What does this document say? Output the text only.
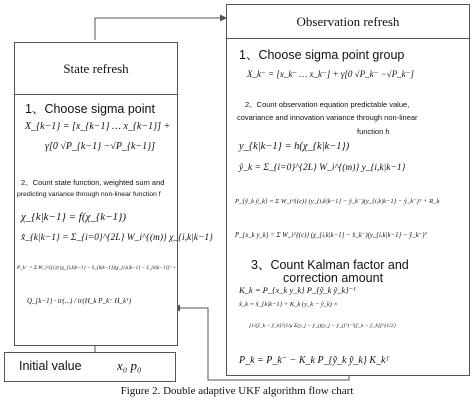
State refresh
1、Choose sigma point
X_{k−1} = [x_{k−1} … x_{k−1}] +
γ[0 √P_{k−1} −√P_{k−1}]
2、Count state function, weighted sum and
predicting variance through non-linear function f
χ_{k|k−1} = f(χ_{k−1})
x̂_{k|k−1} = Σ_{i=0}^{2L} W_i^{(m)} χ_{i,k|k−1}
P_k⁻ = Σ W_i^{(c)} (χ_{i,k|k−1} − x̂_{k|k−1})(χ_{i,k|k−1} − x̂_{k|k−1})ᵀ +
Q_{k−1} · tr(...) / tr(H_k P_k⁻ H_kᵀ)
Observation refresh
1、Choose sigma point group
X_k⁻ = [x_k⁻ … x_k⁻] + γ[0 √P_k⁻ −√P_k⁻]
2、Count observation equation predictable value,
covariance and innovation variance through non-linear
function h
y_{k|k−1} = h(χ_{k|k−1})
ŷ_k = Σ_{i=0}^{2L} W_i^{(m)} y_{i,k|k−1}
P_{ỹ_k ỹ_k} = Σ W_i^{(c)} (y_{i,k|k−1} − ŷ_k⁻)(y_{i,k|k−1} − ŷ_k⁻)ᵀ + R_k
P_{x_k y_k} = Σ W_i^{(c)} (χ_{i,k|k−1} − x̂_k⁻)(y_{i,k|k−1} − ŷ_k⁻)ᵀ
3、Count Kalman factor and
correction amount
K_k = P_{x_k y_k} P_{ỹ_k ỹ_k}⁻¹
x̂_k = x̂_{k|k−1} + K_k (y_k − ŷ_k) ×
[1/(ỹ_k − ŷ_k)ᵀ(1/μ Σ(y_j − ŷ_j)(y_j − ŷ_j)ᵀ)⁻¹(ỹ_k − ŷ_k)]^{1/2}
P_k = P_k⁻ − K_k P_{ỹ_k ỹ_k} K_kᵀ
Initial value	x₀ p₀
Figure 2. Double adaptive UKF algorithm flow chart
